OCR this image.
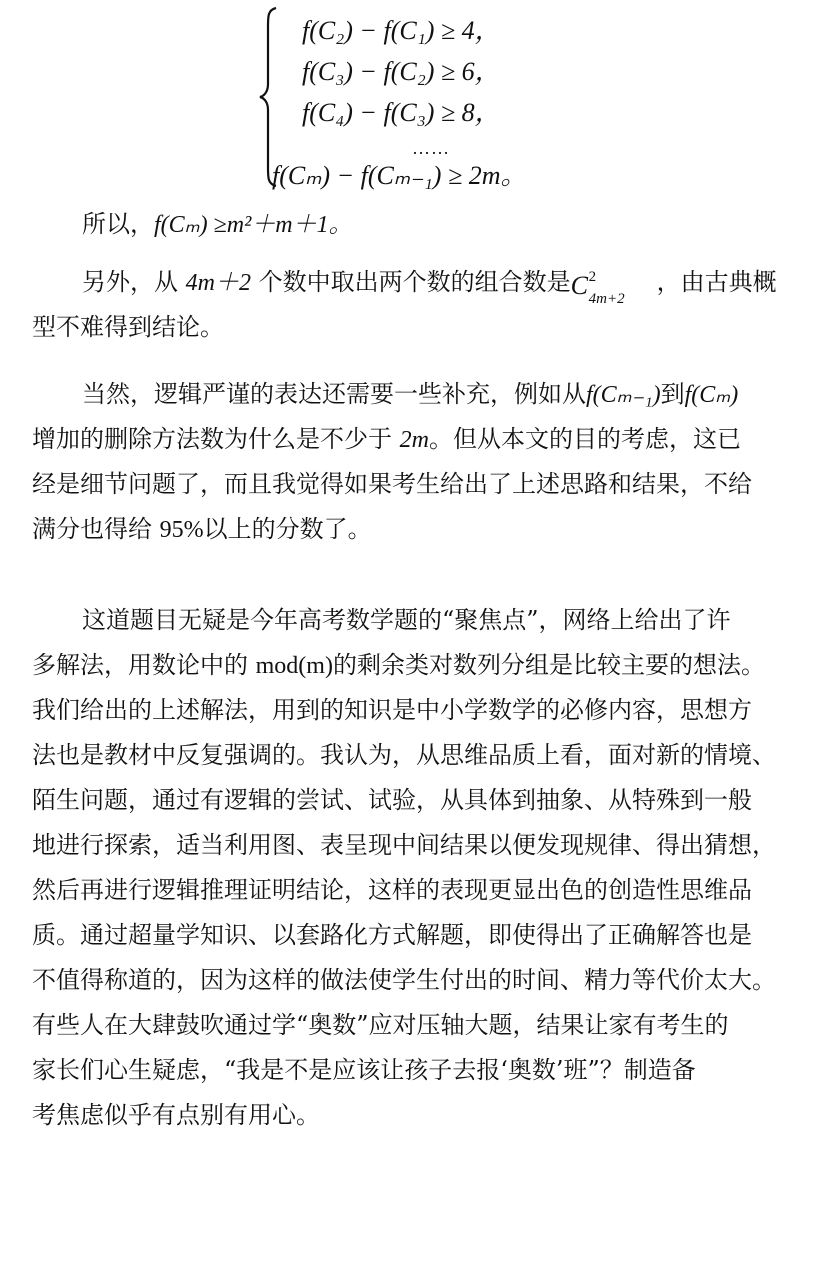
f(C₂) − f(C₁) ≥ 4，
f(C₃) − f(C₂) ≥ 6，
f(C₄) − f(C₃) ≥ 8，
……
f(Cₘ) − f(Cₘ₋₁) ≥ 2m。
所以，f(Cₘ) ≥m²＋m＋1。
另外，从 4m＋2 个数中取出两个数的组合数是 C 2
4m+2
，由古典概
型不难得到结论。
当然，逻辑严谨的表达还需要一些补充，例如从f(Cₘ₋₁)到f(Cₘ)
增加的删除方法数为什么是不少于 2m。但从本文的目的考虑，这已
经是细节问题了，而且我觉得如果考生给出了上述思路和结果，不给
满分也得给 95%以上的分数了。
这道题目无疑是今年高考数学题的“聚焦点”，网络上给出了许
多解法，用数论中的 mod(m)的剩余类对数列分组是比较主要的想法。
我们给出的上述解法，用到的知识是中小学数学的必修内容，思想方
法也是教材中反复强调的。我认为，从思维品质上看，面对新的情境、
陌生问题，通过有逻辑的尝试、试验，从具体到抽象、从特殊到一般
地进行探索，适当利用图、表呈现中间结果以便发现规律、得出猜想，
然后再进行逻辑推理证明结论，这样的表现更显出色的创造性思维品
质。通过超量学知识、以套路化方式解题，即使得出了正确解答也是
不值得称道的，因为这样的做法使学生付出的时间、精力等代价太大。
有些人在大肆鼓吹通过学“奥数”应对压轴大题，结果让家有考生的
家长们心生疑虑，“我是不是应该让孩子去报‘奥数’班”？制造备
考焦虑似乎有点别有用心。
